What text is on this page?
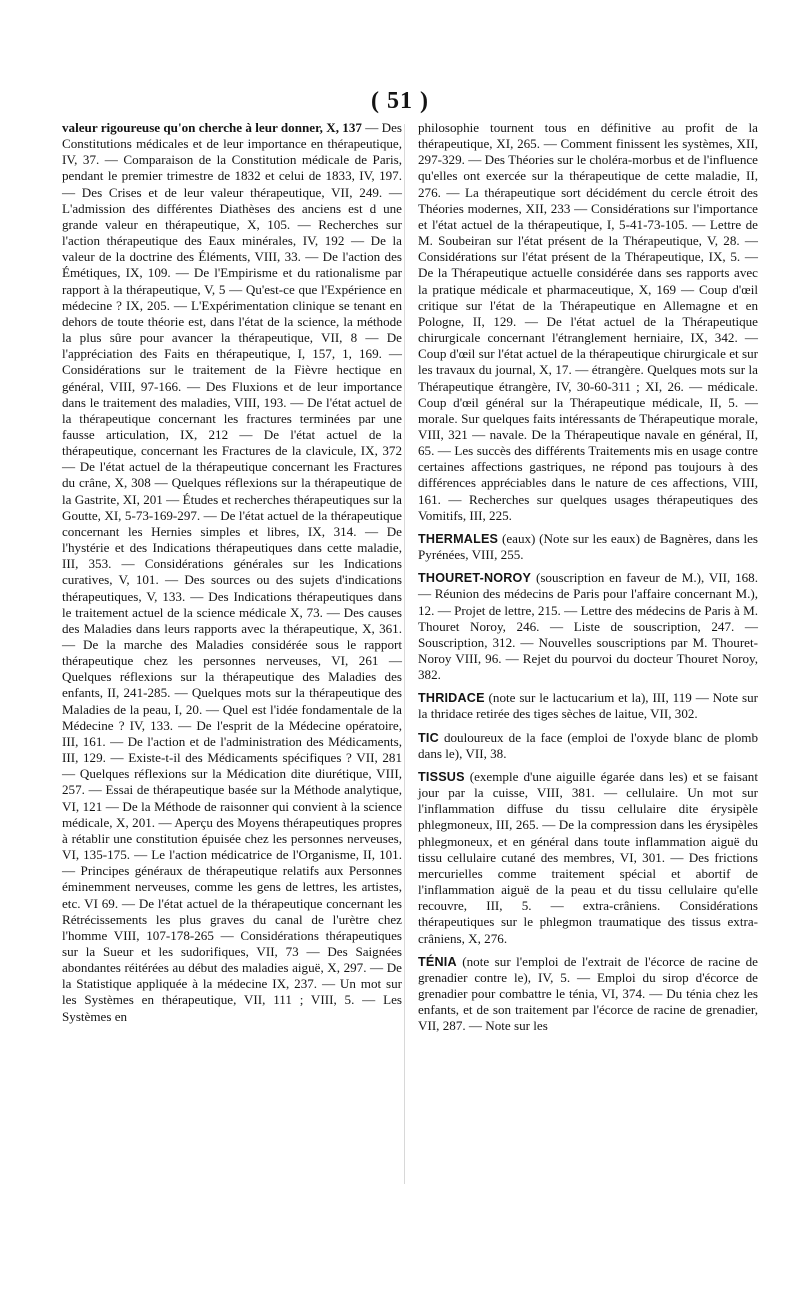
( 51 )

valeur rigoureuse qu'on cherche à leur donner, X, 137 — Des Constitutions médicales et de leur importance en thérapeutique, IV, 37. — Comparaison de la Constitution médicale de Paris, pendant le premier trimestre de 1832 et celui de 1833, IV, 197. — Des Crises et de leur valeur thérapeutique, VII, 249. — L'admission des différentes Diathèses des anciens est d une grande valeur en thérapeutique, X, 105. — Recherches sur l'action thérapeutique des Eaux minérales, IV, 192 — De la valeur de la doctrine des Éléments, VIII, 33. — De l'action des Émétiques, IX, 109. — De l'Empirisme et du rationalisme par rapport à la thérapeutique, V, 5 — Qu'est-ce que l'Expérience en médecine ? IX, 205. — L'Expérimentation clinique se tenant en dehors de toute théorie est, dans l'état de la science, la méthode la plus sûre pour avancer la thérapeutique, VII, 8 — De l'appréciation des Faits en thérapeutique, I, 157, 1, 169. — Considérations sur le traitement de la Fièvre hectique en général, VIII, 97-166. — Des Fluxions et de leur importance dans le traitement des maladies, VIII, 193. — De l'état actuel de la thérapeutique concernant les fractures terminées par une fausse articulation, IX, 212 — De l'état actuel de la thérapeutique, concernant les Fractures de la clavicule, IX, 372 — De l'état actuel de la thérapeutique concernant les Fractures du crâne, X, 308 — Quelques réflexions sur la thérapeutique de la Gastrite, XI, 201 — Études et recherches thérapeutiques sur la Goutte, XI, 5-73-169-297. — De l'état actuel de la thérapeutique concernant les Hernies simples et libres, IX, 314. — De l'hystérie et des Indications thérapeutiques dans cette maladie, III, 353. — Considérations générales sur les Indications curatives, V, 101. — Des sources ou des sujets d'indications thérapeutiques, V, 133. — Des Indications thérapeutiques dans le traitement actuel de la science médicale X, 73. — Des causes des Maladies dans leurs rapports avec la thérapeutique, X, 361. — De la marche des Maladies considérée sous le rapport thérapeutique chez les personnes nerveuses, VI, 261 — Quelques réflexions sur la thérapeutique des Maladies des enfants, II, 241-285. — Quelques mots sur la thérapeutique des Maladies de la peau, I, 20. — Quel est l'idée fondamentale de la Médecine ? IV, 133. — De l'esprit de la Médecine opératoire, III, 161. — De l'action et de l'administration des Médicaments, III, 129. — Existe-t-il des Médicaments spécifiques ? VII, 281 — Quelques réflexions sur la Médication dite diurétique, VIII, 257. — Essai de thérapeutique basée sur la Méthode analytique, VI, 121 — De la Méthode de raisonner qui convient à la science médicale, X, 201. — Aperçu des Moyens thérapeutiques propres à rétablir une constitution épuisée chez les personnes nerveuses, VI, 135-175. — Le l'action médicatrice de l'Organisme, II, 101. — Principes généraux de thérapeutique relatifs aux Personnes éminemment nerveuses, comme les gens de lettres, les artistes, etc. VI 69. — De l'état actuel de la thérapeutique concernant les Rétrécissements les plus graves du canal de l'urètre chez l'homme VIII, 107-178-265 — Considérations thérapeutiques sur la Sueur et les sudorifiques, VII, 73 — Des Saignées abondantes réitérées au début des maladies aiguë, X, 297. — De la Statistique appliquée à la médecine IX, 237. — Un mot sur les Systèmes en thérapeutique, VII, 111 ; VIII, 5. — Les Systèmes en

philosophie tournent tous en définitive au profit de la thérapeutique, XI, 265. — Comment finissent les systèmes, XII, 297-329. — Des Théories sur le choléra-morbus et de l'influence qu'elles ont exercée sur la thérapeutique de cette maladie, II, 276. — La thérapeutique sort décidément du cercle étroit des Théories modernes, XII, 233 — Considérations sur l'importance et l'état actuel de la thérapeutique, I, 5-41-73-105. — Lettre de M. Soubeiran sur l'état présent de la Thérapeutique, V, 28. — Considérations sur l'état présent de la Thérapeutique, IX, 5. — De la Thérapeutique actuelle considérée dans ses rapports avec la pratique médicale et pharmaceutique, X, 169 — Coup d'œil critique sur l'état de la Thérapeutique en Allemagne et en Pologne, II, 129. — De l'état actuel de la Thérapeutique chirurgicale concernant l'étranglement herniaire, IX, 342. — Coup d'œil sur l'état actuel de la thérapeutique chirurgicale et sur les travaux du journal, X, 17. — étrangère. Quelques mots sur la Thérapeutique étrangère, IV, 30-60-311 ; XI, 26. — médicale. Coup d'œil général sur la Thérapeutique médicale, II, 5. — morale. Sur quelques faits intéressants de Thérapeutique morale, VIII, 321 — navale. De la Thérapeutique navale en général, II, 65. — Les succès des différents Traitements mis en usage contre certaines affections gastriques, ne répond pas toujours à des différences appréciables dans le nature de ces affections, VIII, 161. — Recherches sur quelques usages thérapeutiques des Vomitifs, III, 225.

THERMALES (eaux) (Note sur les eaux) de Bagnères, dans les Pyrénées, VIII, 255.

THOURET-NOROY (souscription en faveur de M.), VII, 168. — Réunion des médecins de Paris pour l'affaire concernant M.), 12. — Projet de lettre, 215. — Lettre des médecins de Paris à M. Thouret Noroy, 246. — Liste de souscription, 247. — Souscription, 312. — Nouvelles souscriptions par M. Thouret-Noroy VIII, 96. — Rejet du pourvoi du docteur Thouret Noroy, 382.

THRIDACE (note sur le lactucarium et la), III, 119 — Note sur la thridace retirée des tiges sèches de laitue, VII, 302.

TIC douloureux de la face (emploi de l'oxyde blanc de plomb dans le), VII, 38.

TISSUS (exemple d'une aiguille égarée dans les) et se faisant jour par la cuisse, VIII, 381. — cellulaire. Un mot sur l'inflammation diffuse du tissu cellulaire dite érysipèle phlegmoneux, III, 265. — De la compression dans les érysipèles phlegmoneux, et en général dans toute inflammation aiguë du tissu cellulaire cutané des membres, VI, 301. — Des frictions mercurielles comme traitement spécial et abortif de l'inflammation aiguë de la peau et du tissu cellulaire qu'elle recouvre, III, 5. — extra-crâniens. Considérations thérapeutiques sur le phlegmon traumatique des tissus extra-crâniens, X, 276.

TÉNIA (note sur l'emploi de l'extrait de l'écorce de racine de grenadier contre le), IV, 5. — Emploi du sirop d'écorce de grenadier pour combattre le ténia, VI, 374. — Du ténia chez les enfants, et de son traitement par l'écorce de racine de grenadier, VII, 287. — Note sur les
